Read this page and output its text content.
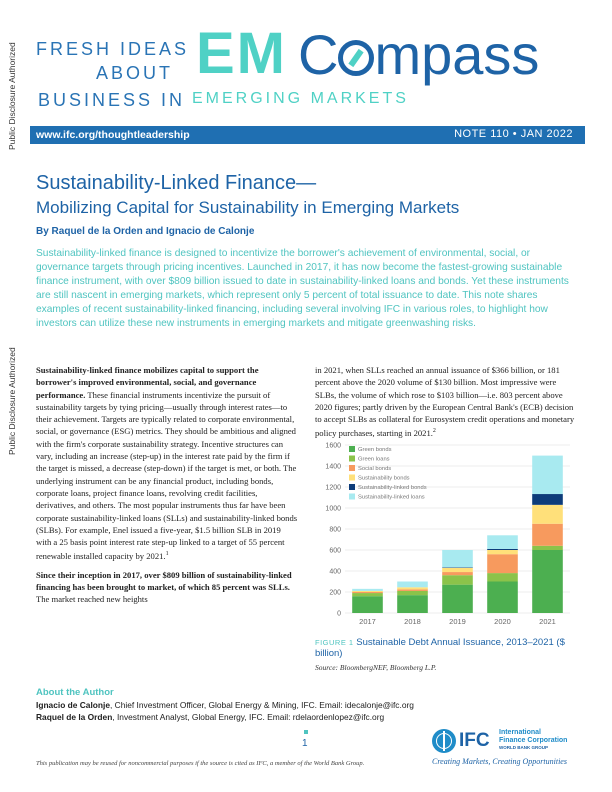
Public Disclosure Authorized
Public Disclosure Authorized
FRESH IDEAS
ABOUT
BUSINESS IN
EM C mpass
EMERGING MARKETS
www.ifc.org/thoughtleadership	NOTE 110 • JAN 2022
Sustainability-Linked Finance—
Mobilizing Capital for Sustainability in Emerging Markets
By Raquel de la Orden and Ignacio de Calonje
Sustainability-linked finance is designed to incentivize the borrower's achievement of environmental, social, or governance targets through pricing incentives. Launched in 2017, it has now become the fastest-growing sustainable finance instrument, with over $809 billion issued to date in sustainability-linked loans and bonds. Yet these instruments are still nascent in emerging markets, which represent only 5 percent of total issuance to date. This note shares examples of recent sustainability-linked financing, including several involving IFC in various roles, to highlight how investors can utilize these new instruments in emerging markets and mitigate greenwashing risks.

Sustainability-linked finance mobilizes capital to support the borrower's improved environmental, social, and governance performance. These financial instruments incentivize the pursuit of sustainability targets by tying pricing—usually through interest rates—to their achievement. Targets are typically related to corporate environmental, social, or governance (ESG) metrics. They should be ambitious and aligned with the firm's corporate sustainability strategy. Incentive structures can vary, including an increase (step-up) in the interest rate paid by the firm if the target is missed, a decrease (step-down) if the target is met, or both. The underlying instrument can be any financial product, including bonds, corporate loans, project finance loans, revolving credit facilities, derivatives, and others. The most popular instruments thus far have been corporate sustainability-linked loans (SLLs) and sustainability-linked bonds (SLBs). For example, Enel issued a five-year, $1.5 billion SLB in 2019 with a 25 basis point interest rate step-up linked to a target of 55 percent renewable installed capacity by 2021.$^1$

Since their inception in 2017, over $809 billion of sustainability-linked financing has been brought to market, of which 85 percent was SLLs. The market reached new heights

in 2021, when SLLs reached an annual issuance of $366 billion, or 181 percent above the 2020 volume of $130 billion. Most impressive were SLBs, the volume of which rose to $103 billion—i.e. 803 percent above 2020 figures; partly driven by the European Central Bank's (ECB) decision to accept SLBs as collateral for Eurosystem credit operations and monetary policy purchases, starting in 2021.$^2$

0
200
400
600
800
1000
1200
1400
1600
2017	2018	2019	2020	2021
Green bonds
Green loans
Social bonds
Sustainability bonds
Sustainability-linked bonds
Sustainability-linked loans
FIGURE 1 Sustainable Debt Annual Issuance, 2013–2021 ($ billion)
Source: BloombergNEF, Bloomberg L.P.
About the Author
Ignacio de Calonje, Chief Investment Officer, Global Energy & Mining, IFC. Email: idecalonje@ifc.org
Raquel de la Orden, Investment Analyst, Global Energy, IFC. Email: rdelaordenlopez@ifc.org
1
This publication may be reused for noncommercial purposes if the source is cited as IFC, a member of the World Bank Group.
IFC International
Finance Corporation
WORLD BANK GROUP
Creating Markets, Creating Opportunities
